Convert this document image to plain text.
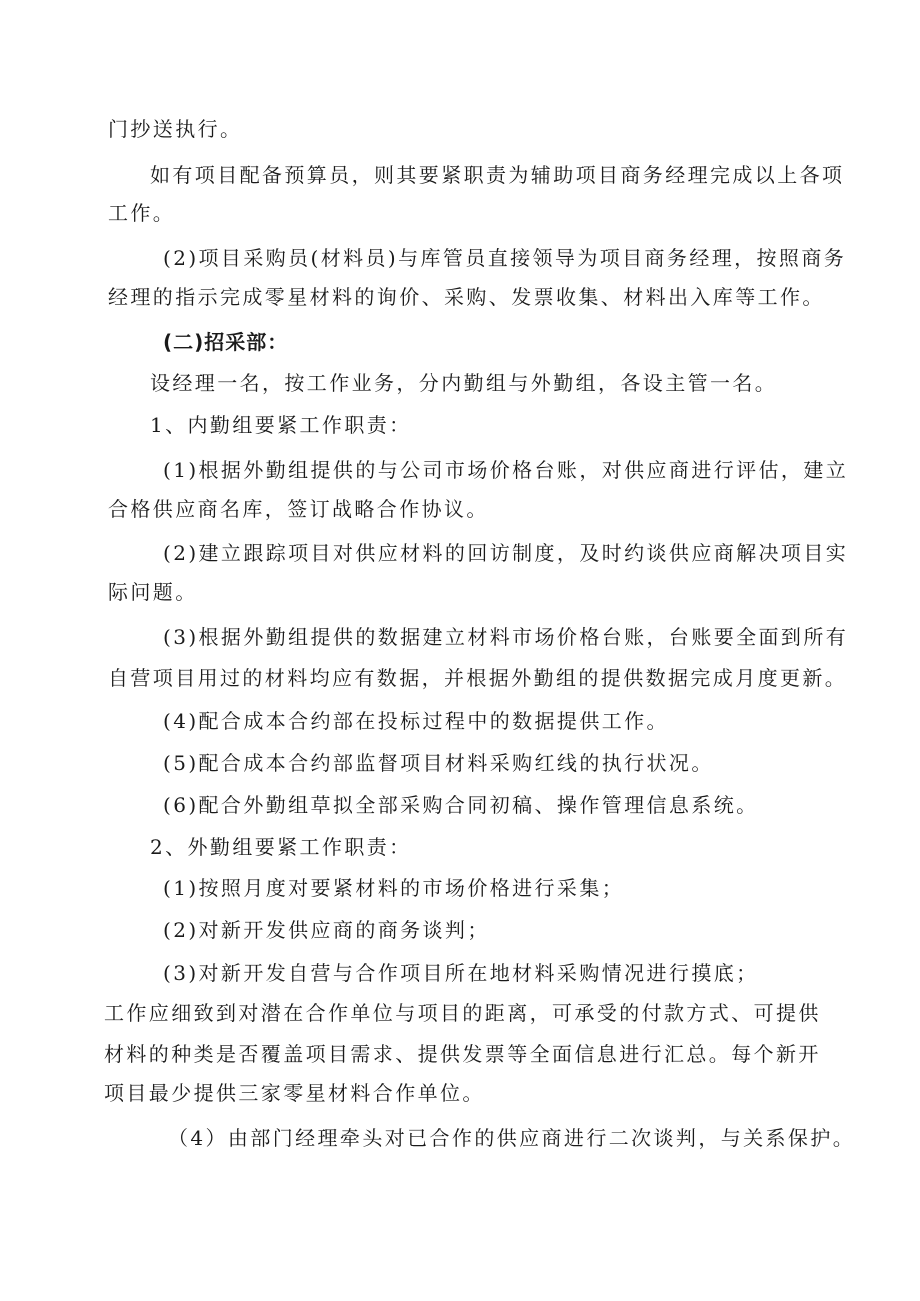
门抄送执行。
如有项目配备预算员，则其要紧职责为辅助项目商务经理完成以上各项
工作。
(2)项目采购员(材料员)与库管员直接领导为项目商务经理，按照商务
经理的指示完成零星材料的询价、采购、发票收集、材料出入库等工作。
(二)招采部：
设经理一名，按工作业务，分内勤组与外勤组，各设主管一名。
1、内勤组要紧工作职责：
(1)根据外勤组提供的与公司市场价格台账，对供应商进行评估，建立
合格供应商名库，签订战略合作协议。
(2)建立跟踪项目对供应材料的回访制度，及时约谈供应商解决项目实
际问题。
(3)根据外勤组提供的数据建立材料市场价格台账，台账要全面到所有
自营项目用过的材料均应有数据，并根据外勤组的提供数据完成月度更新。
(4)配合成本合约部在投标过程中的数据提供工作。
(5)配合成本合约部监督项目材料采购红线的执行状况。
(6)配合外勤组草拟全部采购合同初稿、操作管理信息系统。
2、外勤组要紧工作职责：
(1)按照月度对要紧材料的市场价格进行采集；
(2)对新开发供应商的商务谈判；
(3)对新开发自营与合作项目所在地材料采购情况进行摸底；
工作应细致到对潜在合作单位与项目的距离，可承受的付款方式、可提供
材料的种类是否覆盖项目需求、提供发票等全面信息进行汇总。每个新开
项目最少提供三家零星材料合作单位。
（4）由部门经理牵头对已合作的供应商进行二次谈判，与关系保护。
